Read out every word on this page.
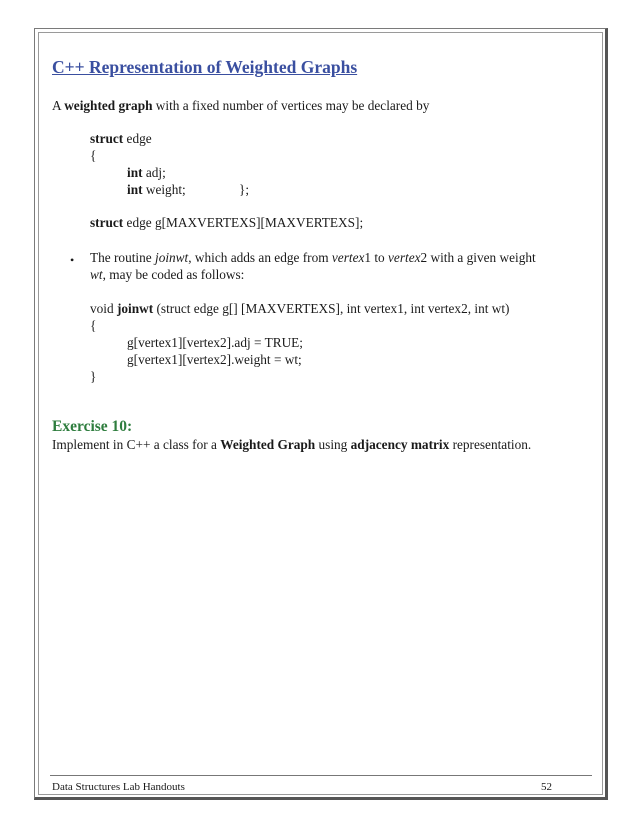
C++ Representation of Weighted Graphs
A weighted graph with a fixed number of vertices may be declared by
struct edge
{
int adj;
int weight;	};
struct edge g[MAXVERTEXS][MAXVERTEXS];
• The routine joinwt, which adds an edge from vertex1 to vertex2 with a given weight
wt, may be coded as follows:
void joinwt (struct edge g[] [MAXVERTEXS], int vertex1, int vertex2, int wt)
{
g[vertex1][vertex2].adj = TRUE;
g[vertex1][vertex2].weight = wt;
}
Exercise 10:
Implement in C++ a class for a Weighted Graph using adjacency matrix representation.
Data Structures Lab Handouts	52
